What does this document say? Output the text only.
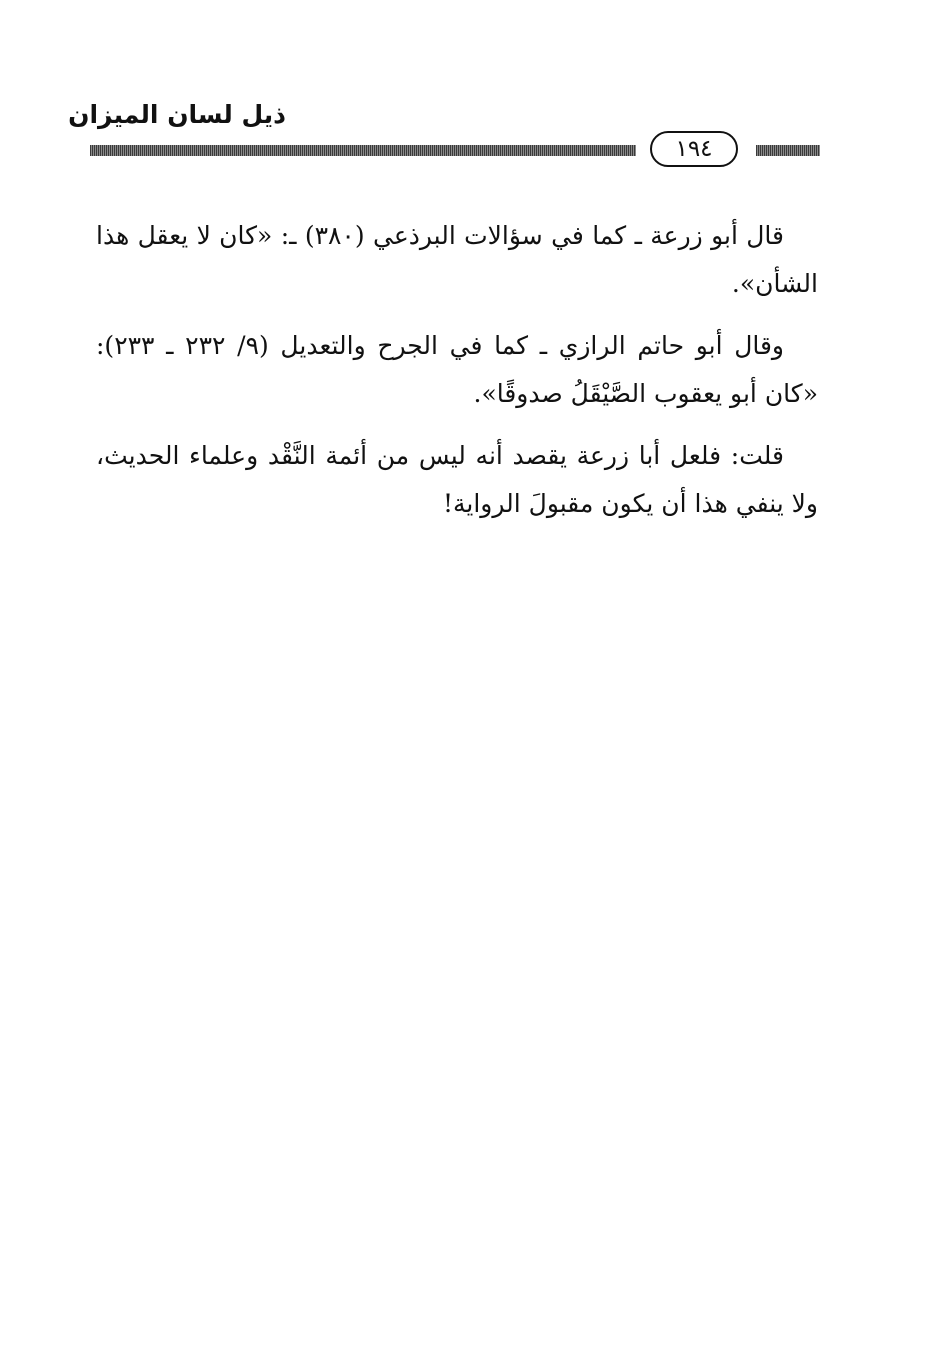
ذيل لسان الميزان
١٩٤

قال أبو زرعة ـ كما في سؤالات البرذعي (٣٨٠) ـ: «كان لا يعقل هذا الشأن».

وقال أبو حاتم الرازي ـ كما في الجرح والتعديل (٩/ ٢٣٢ ـ ٢٣٣): «كان أبو يعقوب الصَّيْقَلُ صدوقًا».

قلت: فلعل أبا زرعة يقصد أنه ليس من أئمة النَّقْد وعلماء الحديث، ولا ينفي هذا أن يكون مقبولَ الرواية!
